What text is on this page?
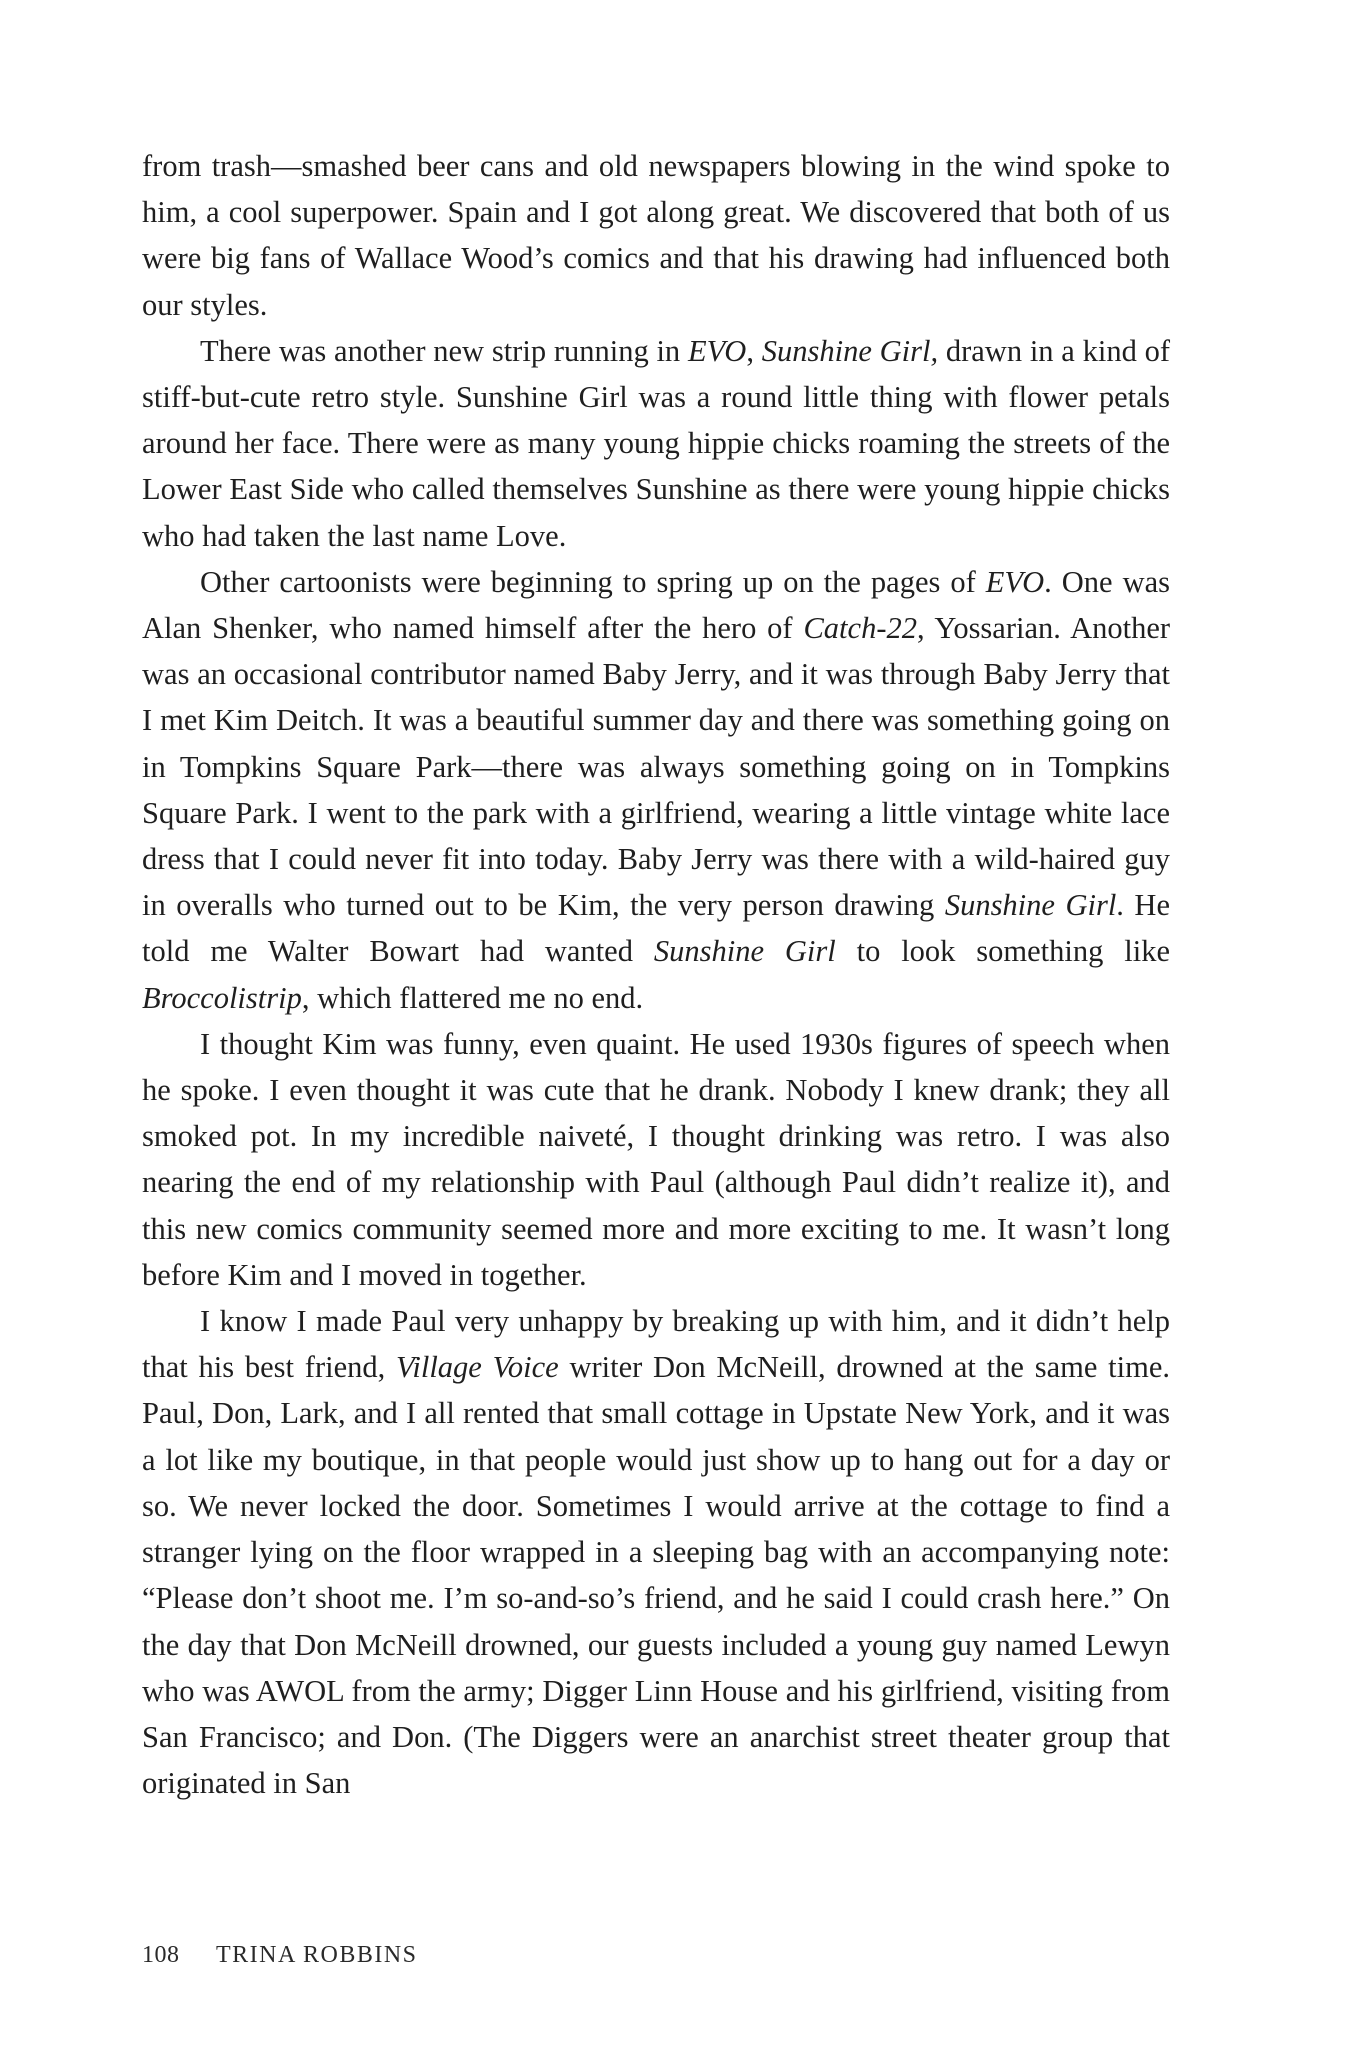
from trash—smashed beer cans and old newspapers blowing in the wind spoke to him, a cool superpower. Spain and I got along great. We discovered that both of us were big fans of Wallace Wood’s comics and that his drawing had influenced both our styles.

There was another new strip running in EVO, Sunshine Girl, drawn in a kind of stiff-but-cute retro style. Sunshine Girl was a round little thing with flower petals around her face. There were as many young hippie chicks roaming the streets of the Lower East Side who called themselves Sunshine as there were young hippie chicks who had taken the last name Love.

Other cartoonists were beginning to spring up on the pages of EVO. One was Alan Shenker, who named himself after the hero of Catch-22, Yossarian. Another was an occasional contributor named Baby Jerry, and it was through Baby Jerry that I met Kim Deitch. It was a beautiful summer day and there was something going on in Tompkins Square Park—there was always something going on in Tompkins Square Park. I went to the park with a girlfriend, wearing a little vintage white lace dress that I could never fit into today. Baby Jerry was there with a wild-haired guy in overalls who turned out to be Kim, the very person drawing Sunshine Girl. He told me Walter Bowart had wanted Sunshine Girl to look something like Broccolistrip, which flattered me no end.

I thought Kim was funny, even quaint. He used 1930s figures of speech when he spoke. I even thought it was cute that he drank. Nobody I knew drank; they all smoked pot. In my incredible naiveté, I thought drinking was retro. I was also nearing the end of my relationship with Paul (although Paul didn’t realize it), and this new comics community seemed more and more exciting to me. It wasn’t long before Kim and I moved in together.

I know I made Paul very unhappy by breaking up with him, and it didn’t help that his best friend, Village Voice writer Don McNeill, drowned at the same time. Paul, Don, Lark, and I all rented that small cottage in Upstate New York, and it was a lot like my boutique, in that people would just show up to hang out for a day or so. We never locked the door. Sometimes I would arrive at the cottage to find a stranger lying on the floor wrapped in a sleeping bag with an accompanying note: “Please don’t shoot me. I’m so-and-so’s friend, and he said I could crash here.” On the day that Don McNeill drowned, our guests included a young guy named Lewyn who was AWOL from the army; Digger Linn House and his girlfriend, visiting from San Francisco; and Don. (The Diggers were an anarchist street theater group that originated in San

108 TRINA ROBBINS
